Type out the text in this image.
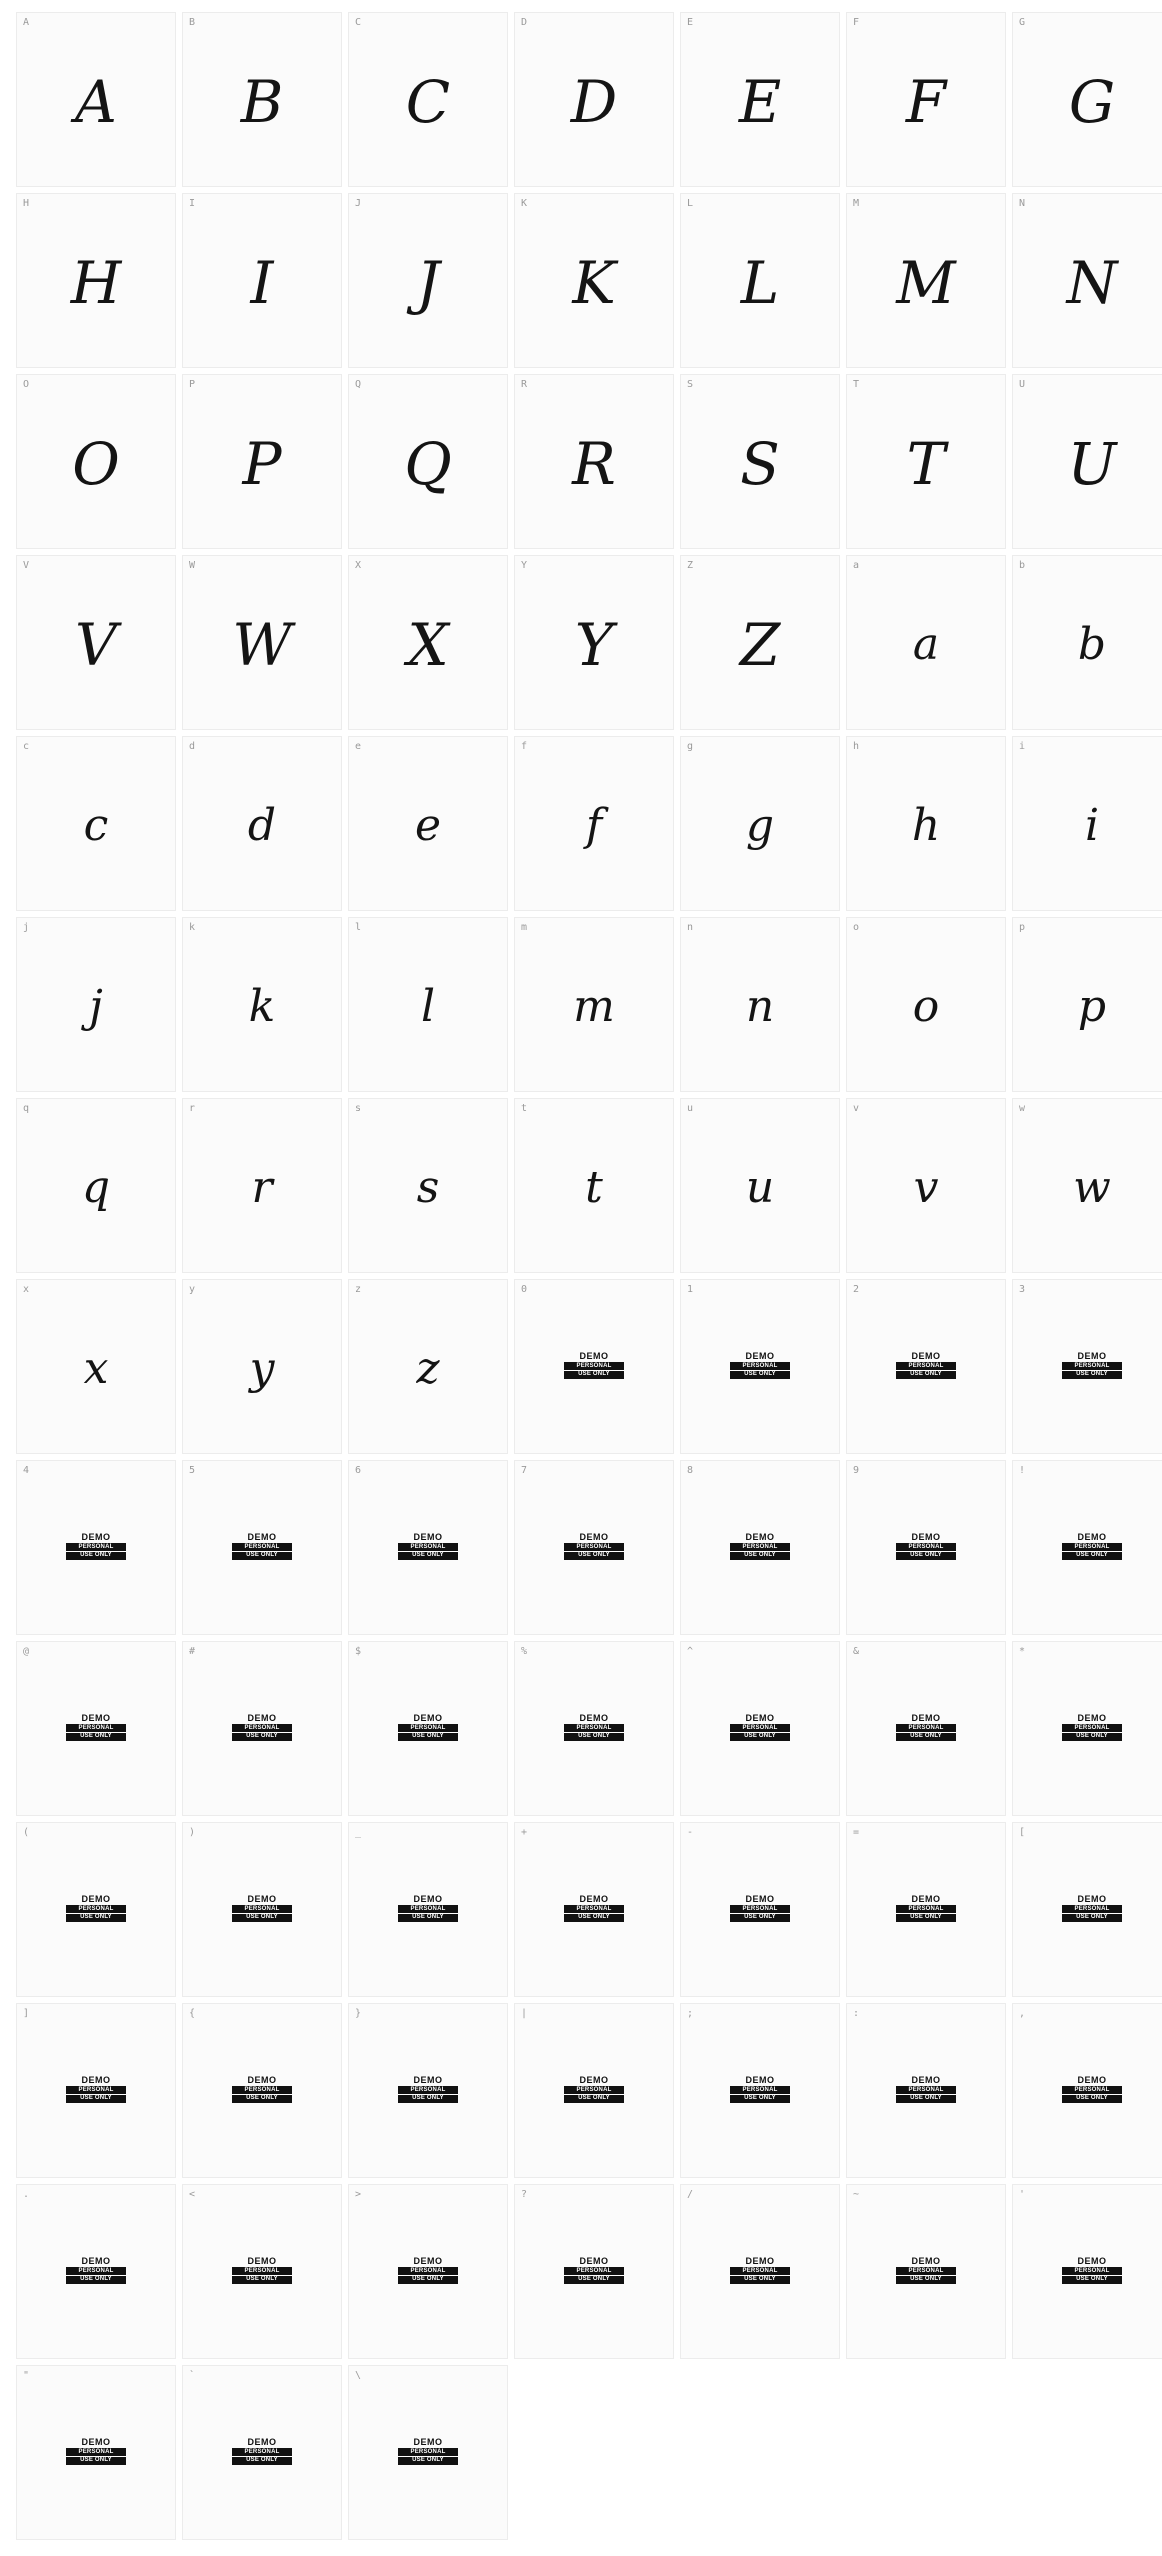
A
A
B
B
C
C
D
D
E
E
F
F
G
G
H
H
I
I
J
J
K
K
L
L
M
M
N
N
O
O
P
P
Q
Q
R
R
S
S
T
T
U
U
V
V
W
W
X
X
Y
Y
Z
Z
a
a
b
b
c
c
d
d
e
e
f
f
g
g
h
h
i
i
j
j
k
k
l
l
m
m
n
n
o
o
p
p
q
q
r
r
s
s
t
t
u
u
v
v
w
w
x
x
y
y
z
z
0
DEMO
PERSONAL
USE ONLY
1
DEMO
PERSONAL
USE ONLY
2
DEMO
PERSONAL
USE ONLY
3
DEMO
PERSONAL
USE ONLY
4
DEMO
PERSONAL
USE ONLY
5
DEMO
PERSONAL
USE ONLY
6
DEMO
PERSONAL
USE ONLY
7
DEMO
PERSONAL
USE ONLY
8
DEMO
PERSONAL
USE ONLY
9
DEMO
PERSONAL
USE ONLY
!
DEMO
PERSONAL
USE ONLY
@
DEMO
PERSONAL
USE ONLY
#
DEMO
PERSONAL
USE ONLY
$
DEMO
PERSONAL
USE ONLY
%
DEMO
PERSONAL
USE ONLY
^
DEMO
PERSONAL
USE ONLY
&
DEMO
PERSONAL
USE ONLY
*
DEMO
PERSONAL
USE ONLY
(
DEMO
PERSONAL
USE ONLY
)
DEMO
PERSONAL
USE ONLY
_
DEMO
PERSONAL
USE ONLY
+
DEMO
PERSONAL
USE ONLY
-
DEMO
PERSONAL
USE ONLY
=
DEMO
PERSONAL
USE ONLY
[
DEMO
PERSONAL
USE ONLY
]
DEMO
PERSONAL
USE ONLY
{
DEMO
PERSONAL
USE ONLY
}
DEMO
PERSONAL
USE ONLY
|
DEMO
PERSONAL
USE ONLY
;
DEMO
PERSONAL
USE ONLY
:
DEMO
PERSONAL
USE ONLY
,
DEMO
PERSONAL
USE ONLY
.
DEMO
PERSONAL
USE ONLY
<
DEMO
PERSONAL
USE ONLY
>
DEMO
PERSONAL
USE ONLY
?
DEMO
PERSONAL
USE ONLY
/
DEMO
PERSONAL
USE ONLY
~
DEMO
PERSONAL
USE ONLY
'
DEMO
PERSONAL
USE ONLY
"
DEMO
PERSONAL
USE ONLY
`
DEMO
PERSONAL
USE ONLY
\
DEMO
PERSONAL
USE ONLY
